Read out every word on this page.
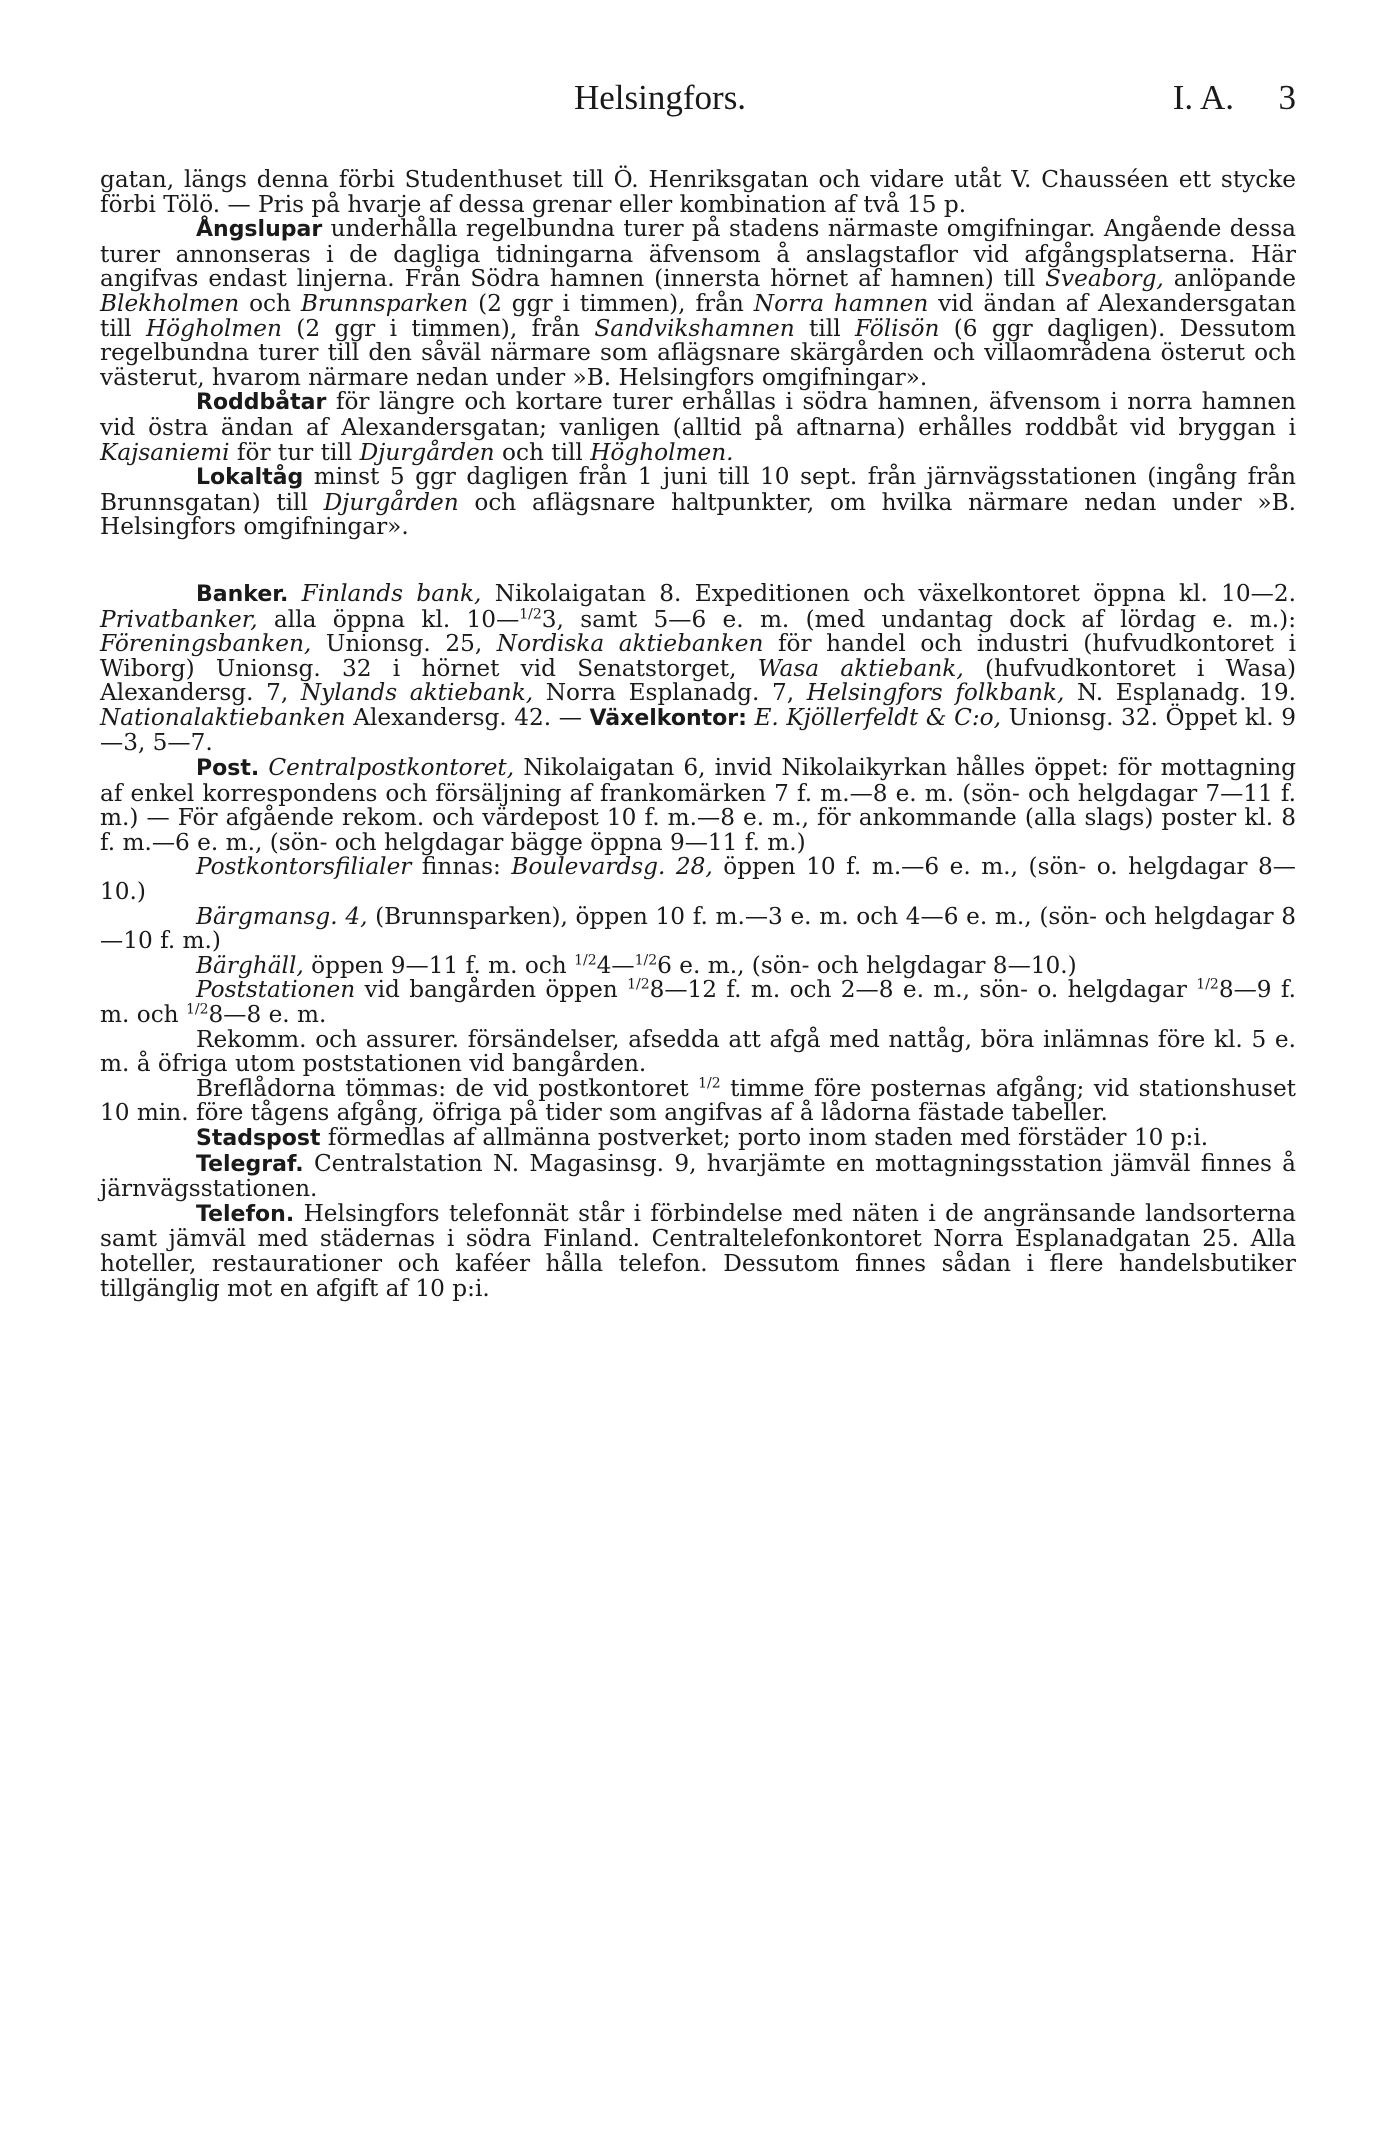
Helsingfors.	I. A. 3

gatan, längs denna förbi Studenthuset till Ö. Henriksgatan och vidare utåt V. Chausséen ett stycke förbi Tölö. — Pris på hvarje af dessa grenar eller kombination af två 15 p.

Ångslupar underhålla regelbundna turer på stadens närmaste omgifningar. Angående dessa turer annonseras i de dagliga tidningarna äfvensom å anslagstaflor vid afgångsplatserna. Här angifvas endast linjerna. Från Södra hamnen (innersta hörnet af hamnen) till Sveaborg, anlöpande Blekholmen och Brunnsparken (2 ggr i timmen), från Norra hamnen vid ändan af Alexandersgatan till Högholmen (2 ggr i timmen), från Sandvikshamnen till Fölisön (6 ggr dagligen). Dessutom regelbundna turer till den såväl närmare som aflägsnare skärgården och villaområdena österut och västerut, hvarom närmare nedan under »B. Helsingfors omgifningar».

Roddbåtar för längre och kortare turer erhållas i södra hamnen, äfvensom i norra hamnen vid östra ändan af Alexandersgatan; vanligen (alltid på aftnarna) erhålles roddbåt vid bryggan i Kajsaniemi för tur till Djurgården och till Högholmen.

Lokaltåg minst 5 ggr dagligen från 1 juni till 10 sept. från järnvägsstationen (ingång från Brunnsgatan) till Djurgården och aflägsnare haltpunkter, om hvilka närmare nedan under »B. Helsingfors omgifningar».

Banker. Finlands bank, Nikolaigatan 8. Expeditionen och växelkontoret öppna kl. 10—2. Privatbanker, alla öppna kl. 10—$^{1/2}$3, samt 5—6 e. m. (med undantag dock af lördag e. m.): Föreningsbanken, Unionsg. 25, Nordiska aktiebanken för handel och industri (hufvudkontoret i Wiborg) Unionsg. 32 i hörnet vid Senatstorget, Wasa aktiebank, (hufvudkontoret i Wasa) Alexandersg. 7, Nylands aktiebank, Norra Esplanadg. 7, Helsingfors folkbank, N. Esplanadg. 19. Nationalaktiebanken Alexandersg. 42. — Växelkontor: E. Kjöllerfeldt & C:o, Unionsg. 32. Öppet kl. 9—3, 5—7.

Post. Centralpostkontoret, Nikolaigatan 6, invid Nikolaikyrkan hålles öppet: för mottagning af enkel korrespondens och försäljning af frankomärken 7 f. m.—8 e. m. (sön- och helgdagar 7—11 f. m.) — För afgående rekom. och värdepost 10 f. m.—8 e. m., för ankommande (alla slags) poster kl. 8 f. m.—6 e. m., (sön- och helgdagar bägge öppna 9—11 f. m.)

Postkontorsfilialer finnas: Boulevardsg. 28, öppen 10 f. m.—6 e. m., (sön- o. helgdagar 8—10.)

Bärgmansg. 4, (Brunnsparken), öppen 10 f. m.—3 e. m. och 4—6 e. m., (sön- och helgdagar 8—10 f. m.)

Bärghäll, öppen 9—11 f. m. och $^{1/2}$4—$^{1/2}$6 e. m., (sön- och helgdagar 8—10.)

Poststationen vid bangården öppen $^{1/2}$8—12 f. m. och 2—8 e. m., sön- o. helgdagar $^{1/2}$8—9 f. m. och $^{1/2}$8—8 e. m.

Rekomm. och assurer. försändelser, afsedda att afgå med nattåg, böra inlämnas före kl. 5 e. m. å öfriga utom poststationen vid bangården.

Breflådorna tömmas: de vid postkontoret $^{1/2}$ timme före posternas afgång; vid stationshuset 10 min. före tågens afgång, öfriga på tider som angifvas af å lådorna fästade tabeller.

Stadspost förmedlas af allmänna postverket; porto inom staden med förstäder 10 p:i.

Telegraf. Centralstation N. Magasinsg. 9, hvarjämte en mottagningsstation jämväl finnes å järnvägsstationen.

Telefon. Helsingfors telefonnät står i förbindelse med näten i de angränsande landsorterna samt jämväl med städernas i södra Finland. Centraltelefonkontoret Norra Esplanadgatan 25. Alla hoteller, restaurationer och kaféer hålla telefon. Dessutom finnes sådan i flere handelsbutiker tillgänglig mot en afgift af 10 p:i.
